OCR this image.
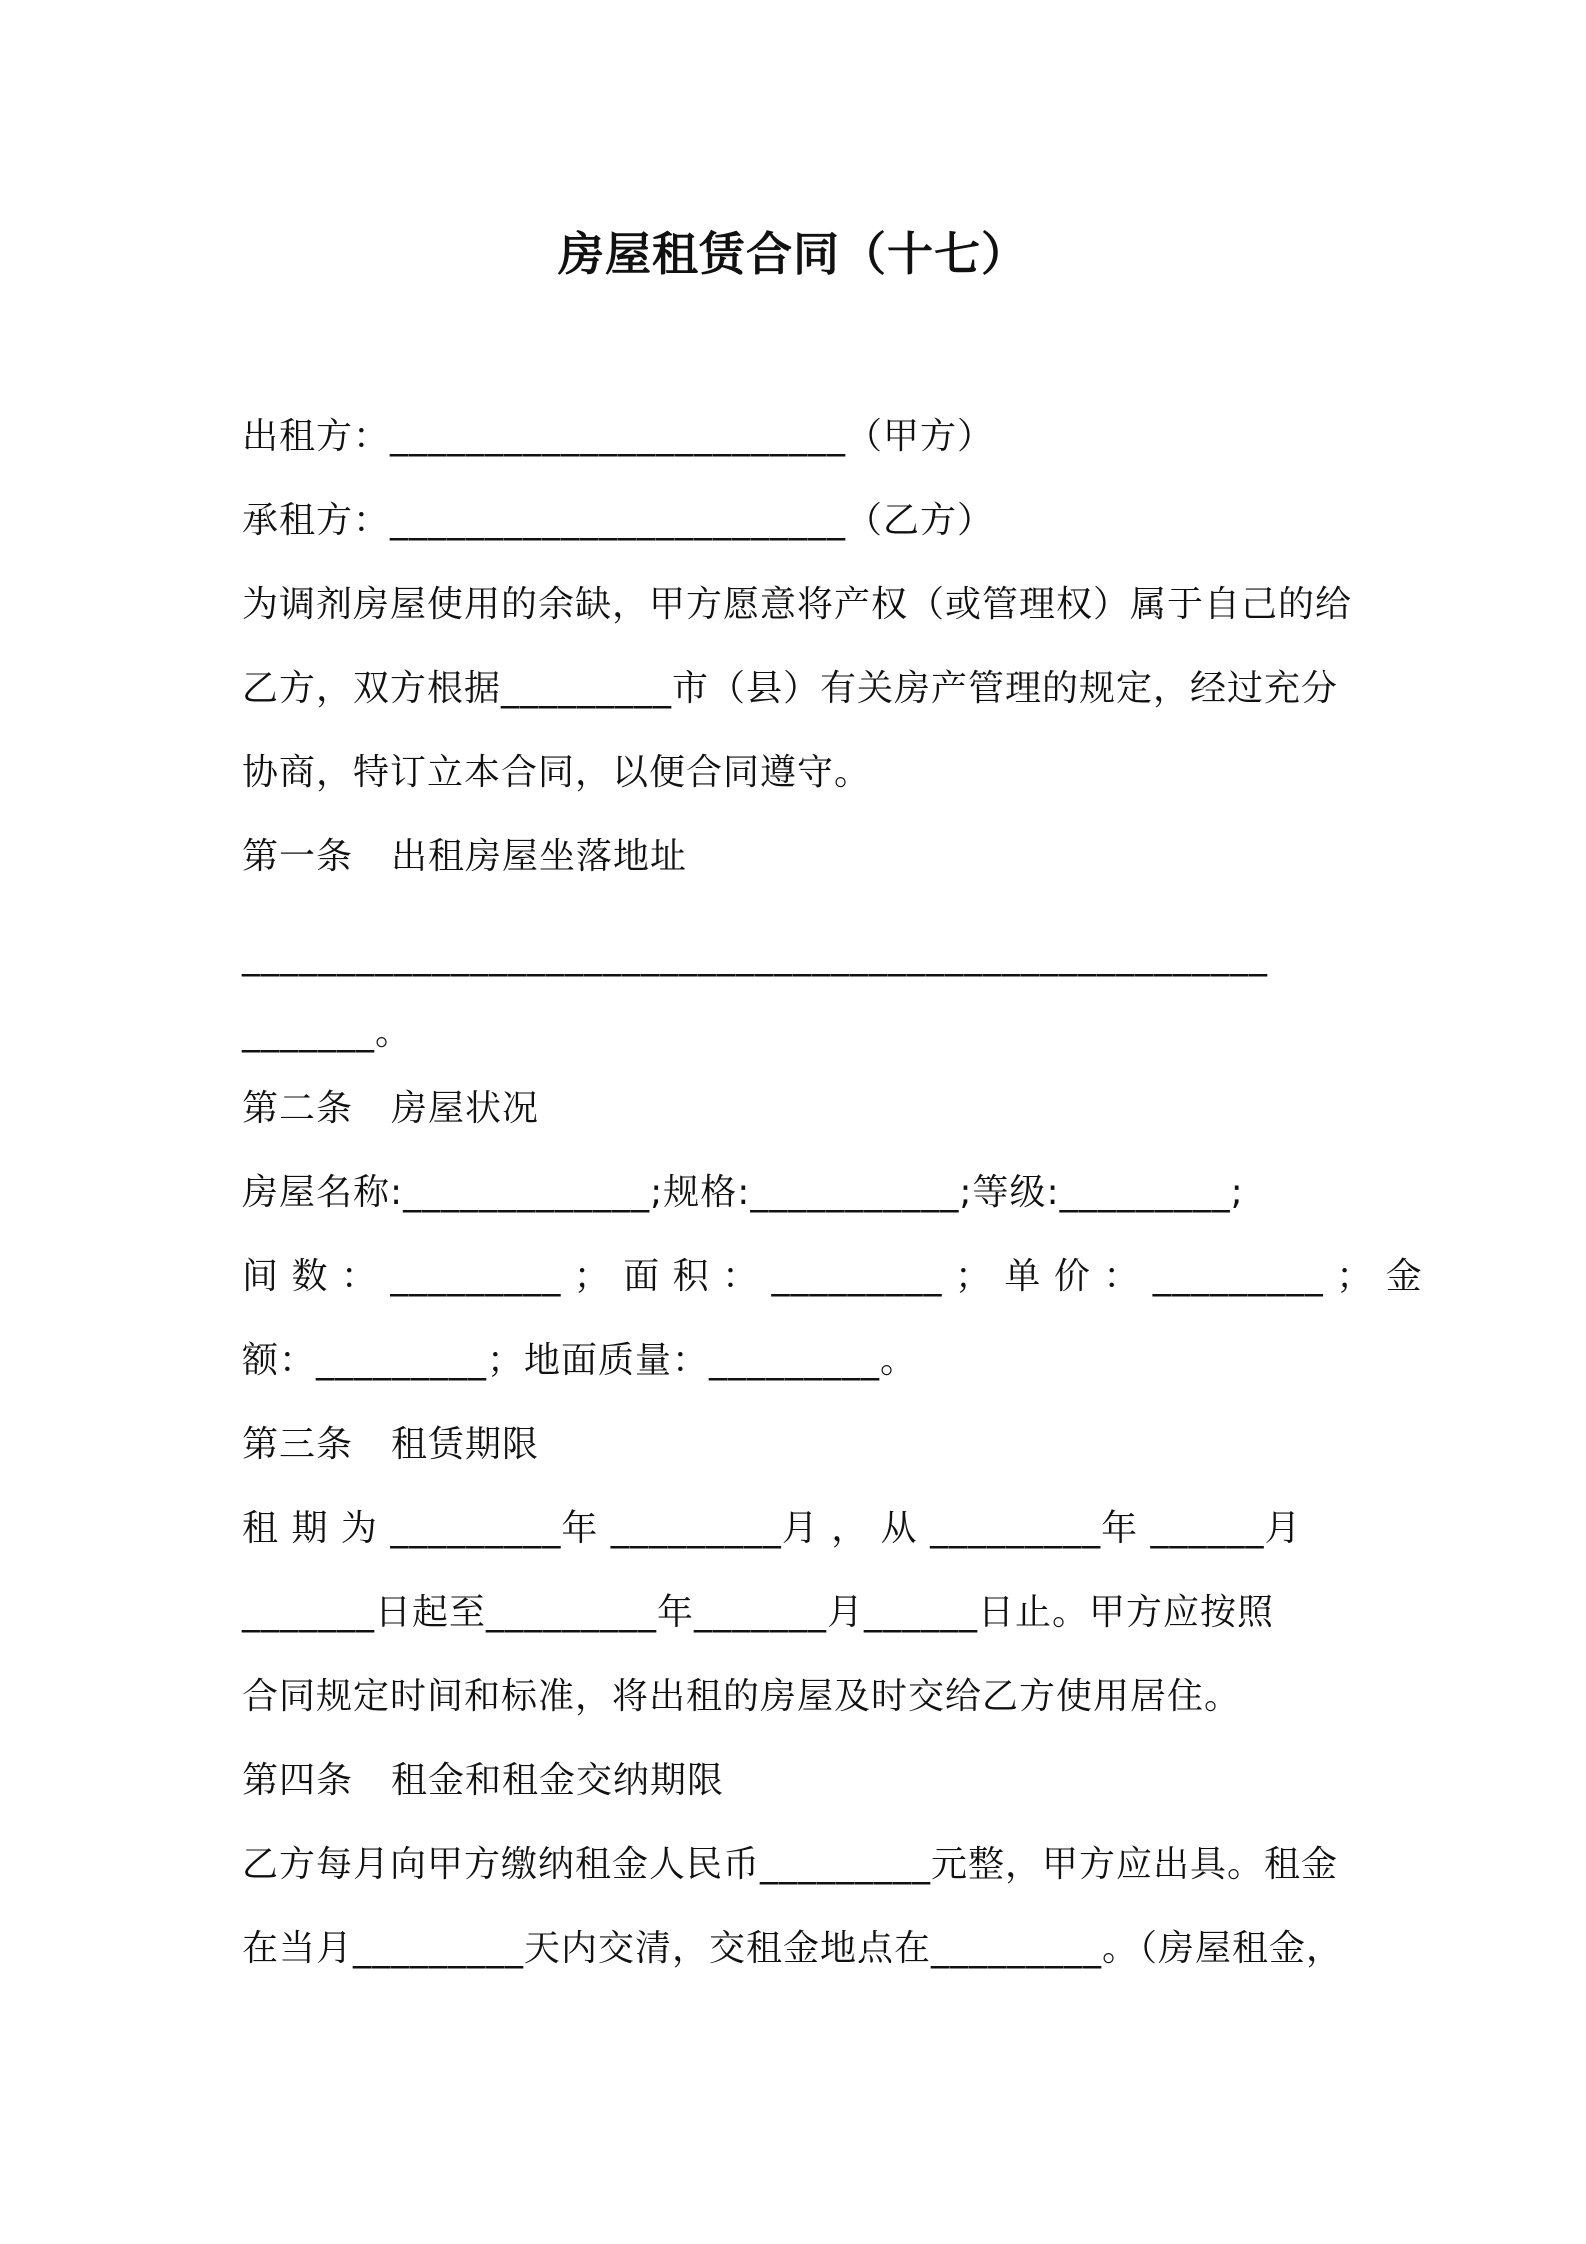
房屋租赁合同（十七）
出租方：________________________（甲方）
承租方：________________________（乙方）
为调剂房屋使用的余缺，甲方愿意将产权（或管理权）属于自己的给
乙方，双方根据_________市（县）有关房产管理的规定，经过充分
协商，特订立本合同，以便合同遵守。
第一条 出租房屋坐落地址
______________________________________________________
_______。
第二条 房屋状况
房屋名称:_____________;规格:___________;等级:_________;
间 数 ： _________ ； 面 积 ： _________ ； 单 价 ： _________ ； 金
额：_________；地面质量：_________。
第三条 租赁期限
租 期 为 _________年 _________月 ， 从 _________年 ______月
_______日起至_________年_______月______日止。甲方应按照
合同规定时间和标准，将出租的房屋及时交给乙方使用居住。
第四条 租金和租金交纳期限
乙方每月向甲方缴纳租金人民币_________元整，甲方应出具。租金
在当月_________天内交清，交租金地点在_________。（房屋租金，
